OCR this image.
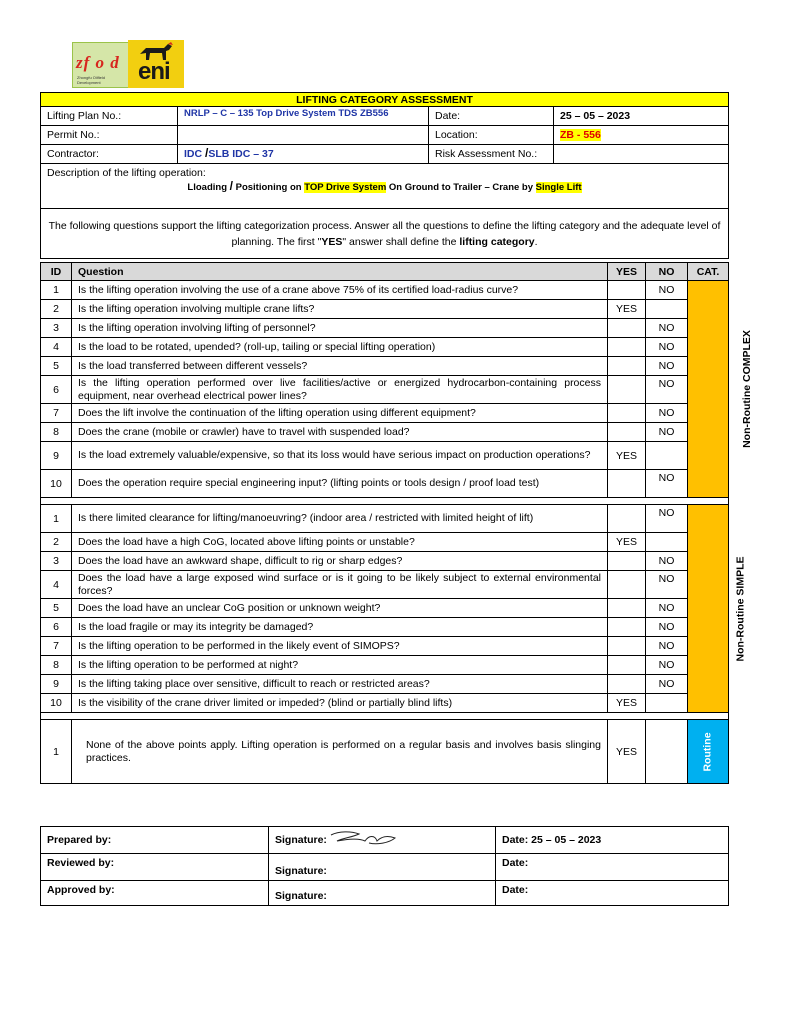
zf o d
Zhongfu Oilfield Development	eni
LIFTING CATEGORY ASSESSMENT			
Lifting Plan No.:	NRLP – C – 135 Top Drive System TDS ZB556	Date:	25 – 05 – 2023
Permit No.:		Location:	ZB - 556
Contractor:	IDC /SLB IDC – 37	Risk Assessment No.:	

Description of the lifting operation:
Lloading / Positioning on TOP Drive System On Ground to Trailer – Crane by Single Lift			

The following questions support the lifting categorization process. Answer all the questions to define the lifting category and the adequate level of planning. The first "YES" answer shall define the lifting category.			
ID	Question	YES	NO	CAT.
1	Is the lifting operation involving the use of a crane above 75% of its certified load-radius curve?		NO	Non-Routine COMPLEX
2	Is the lifting operation involving multiple crane lifts?	YES		
3	Is the lifting operation involving lifting of personnel?		NO	
4	Is the load to be rotated, upended? (roll-up, tailing or special lifting operation)		NO	
5	Is the load transferred between different vessels?		NO	
6	Is the lifting operation performed over live facilities/active or energized hydrocarbon-containing process equipment, near overhead electrical power lines?		NO	
7	Does the lift involve the continuation of the lifting operation using different equipment?		NO	
8	Does the crane (mobile or crawler) have to travel with suspended load?		NO	
9	Is the load extremely valuable/expensive, so that its loss would have serious impact on production operations?	YES		
10	Does the operation require special engineering input? (lifting points or tools design / proof load test)		NO	

1	Is there limited clearance for lifting/manoeuvring? (indoor area / restricted with limited height of lift)		NO	Non-Routine SIMPLE
2	Does the load have a high CoG, located above lifting points or unstable?	YES		
3	Does the load have an awkward shape, difficult to rig or sharp edges?		NO	
4	Does the load have a large exposed wind surface or is it going to be likely subject to external environmental forces?		NO	
5	Does the load have an unclear CoG position or unknown weight?		NO	
6	Is the load fragile or may its integrity be damaged?		NO	
7	Is the lifting operation to be performed in the likely event of SIMOPS?		NO	
8	Is the lifting operation to be performed at night?		NO	
9	Is the lifting taking place over sensitive, difficult to reach or restricted areas?		NO	
10	Is the visibility of the crane driver limited or impeded? (blind or partially blind lifts)	YES		

1	None of the above points apply. Lifting operation is performed on a regular basis and involves basis slinging practices.	YES		Routine
Prepared by:	Signature:	Date: 25 – 05 – 2023
Reviewed by:	Signature:	Date:
Approved by:	Signature:	Date:
